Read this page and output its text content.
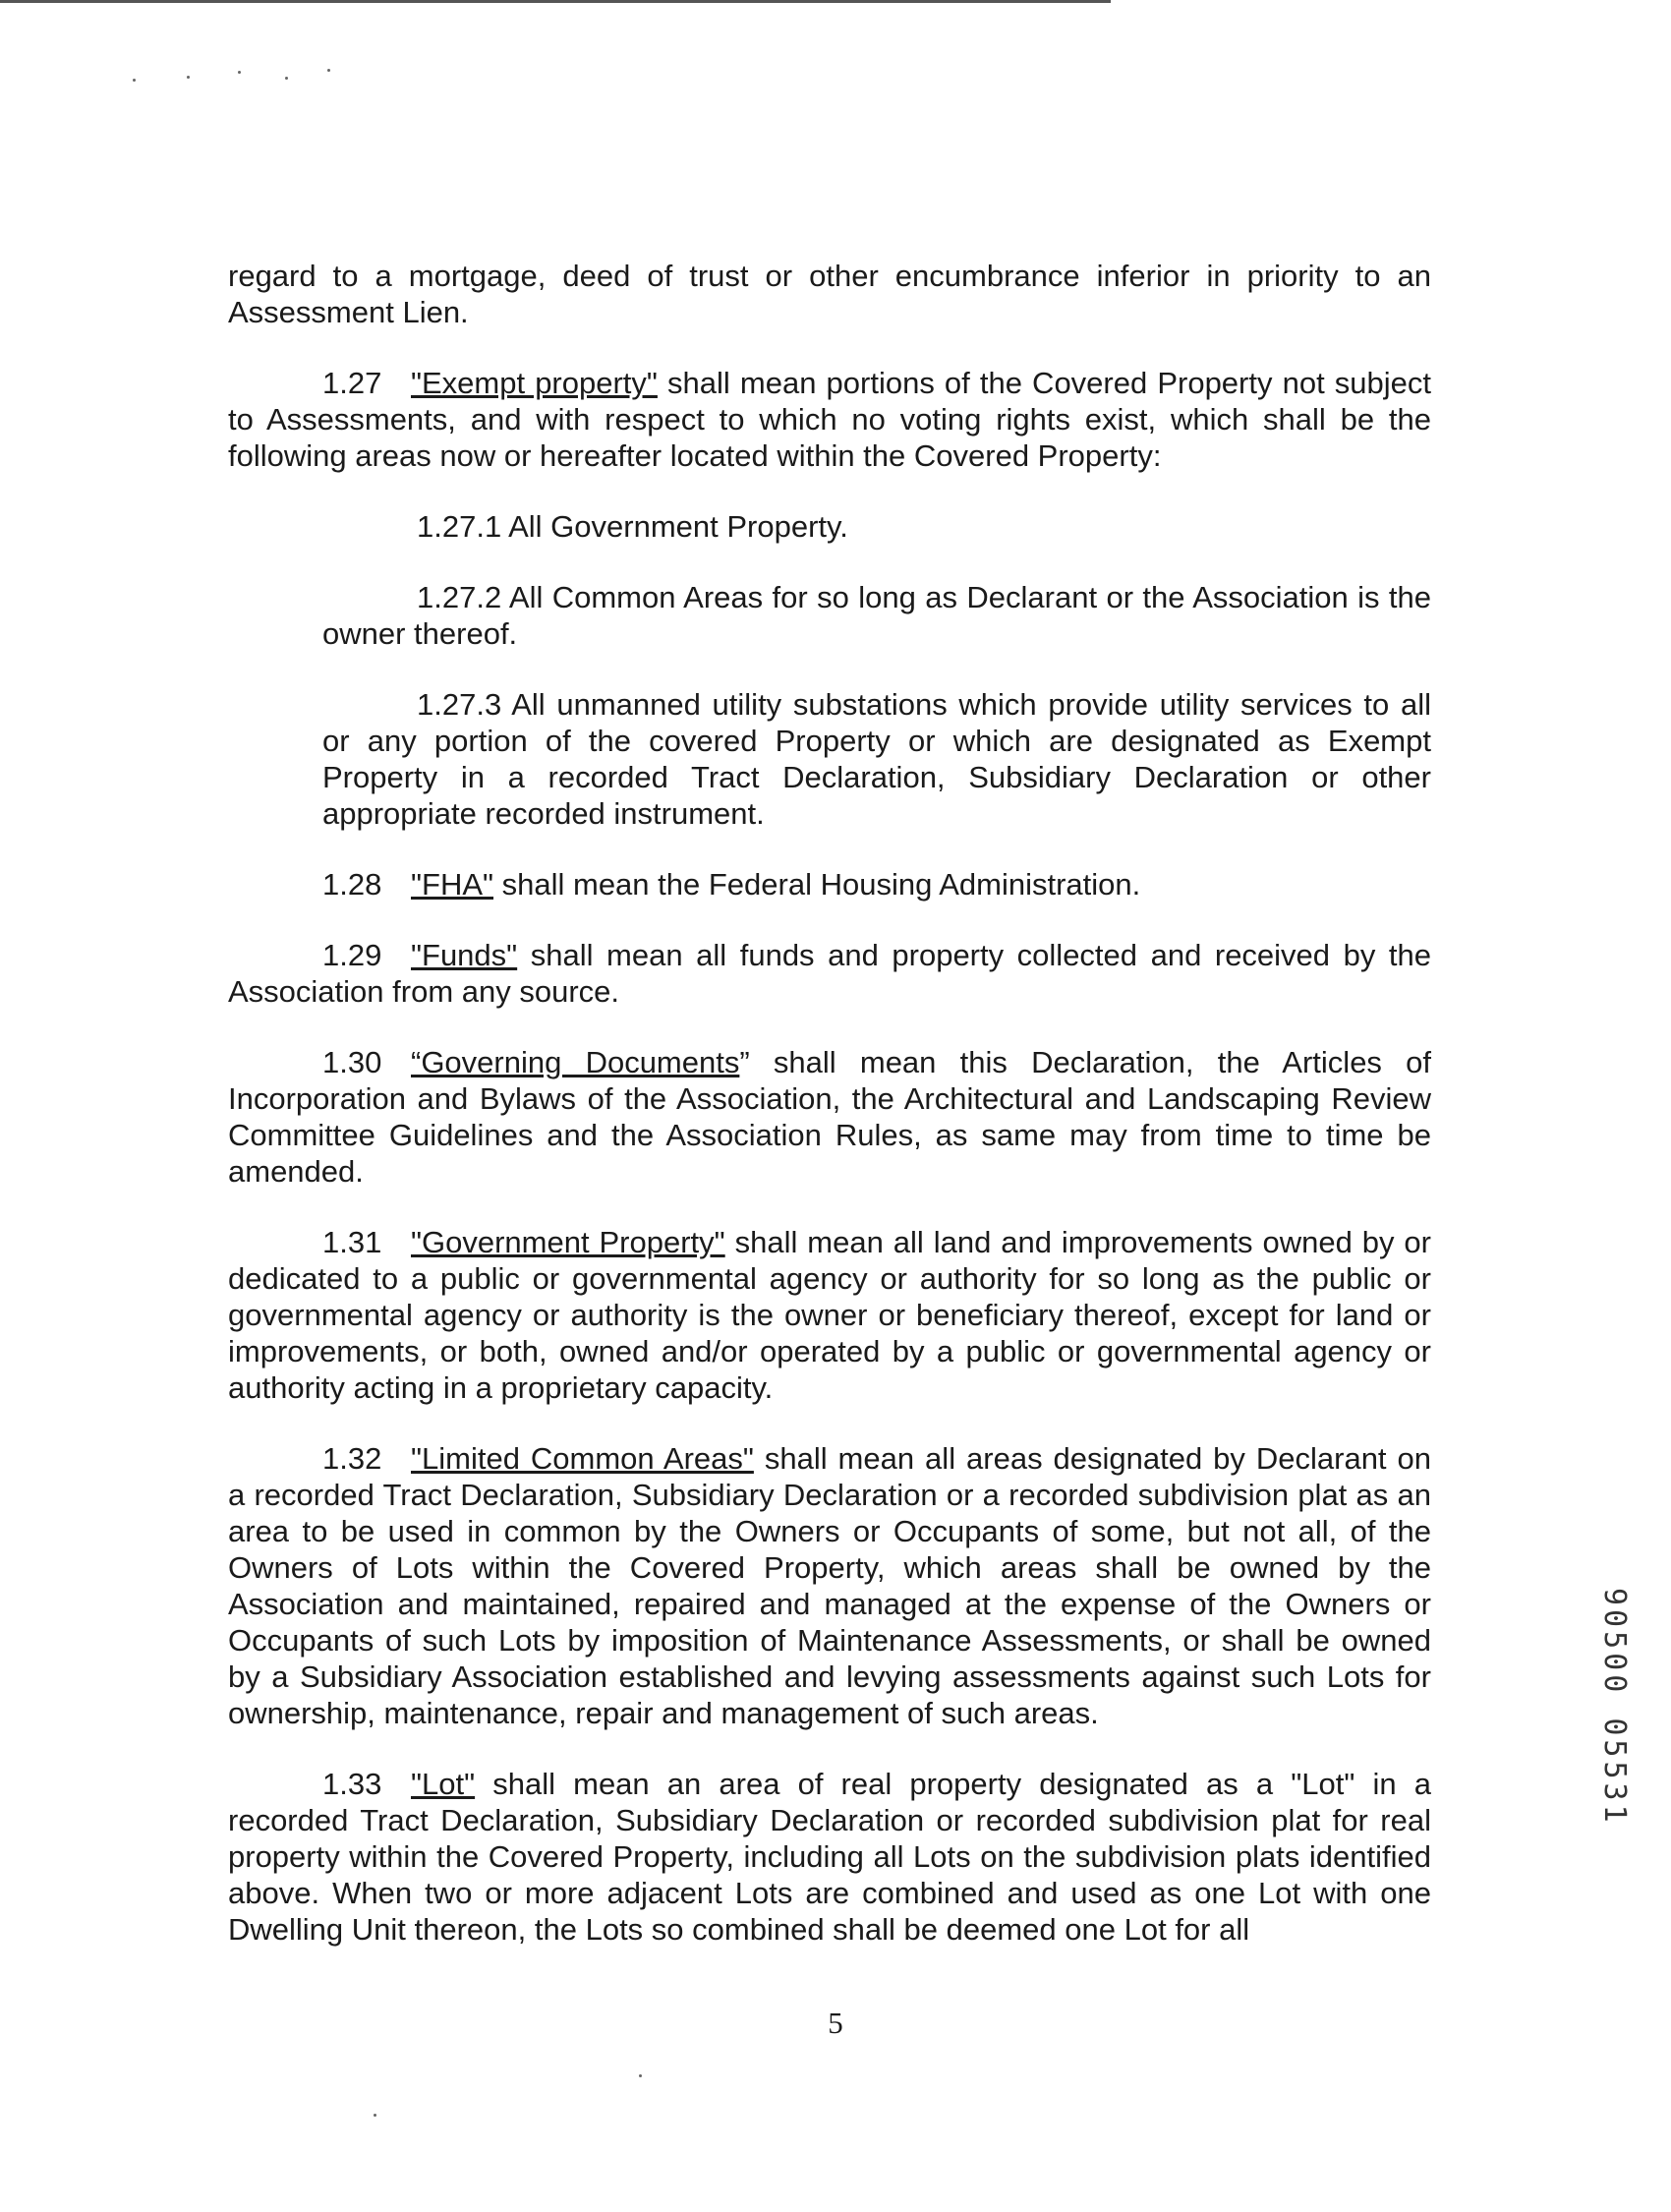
regard to a mortgage, deed of trust or other encumbrance inferior in priority to an Assessment Lien.

1.27 "Exempt property" shall mean portions of the Covered Property not subject to Assessments, and with respect to which no voting rights exist, which shall be the following areas now or hereafter located within the Covered Property:

1.27.1 All Government Property.

1.27.2 All Common Areas for so long as Declarant or the Association is the owner thereof.

1.27.3 All unmanned utility substations which provide utility services to all or any portion of the covered Property or which are designated as Exempt Property in a recorded Tract Declaration, Subsidiary Declaration or other appropriate recorded instrument.

1.28 "FHA" shall mean the Federal Housing Administration.

1.29 "Funds" shall mean all funds and property collected and received by the Association from any source.

1.30 “Governing Documents” shall mean this Declaration, the Articles of Incorporation and Bylaws of the Association, the Architectural and Landscaping Review Committee Guidelines and the Association Rules, as same may from time to time be amended.

1.31 "Government Property" shall mean all land and improvements owned by or dedicated to a public or governmental agency or authority for so long as the public or governmental agency or authority is the owner or beneficiary thereof, except for land or improvements, or both, owned and/or operated by a public or governmental agency or authority acting in a proprietary capacity.

1.32 "Limited Common Areas" shall mean all areas designated by Declarant on a recorded Tract Declaration, Subsidiary Declaration or a recorded subdivision plat as an area to be used in common by the Owners or Occupants of some, but not all, of the Owners of Lots within the Covered Property, which areas shall be owned by the Association and maintained, repaired and managed at the expense of the Owners or Occupants of such Lots by imposition of Maintenance Assessments, or shall be owned by a Subsidiary Association established and levying assessments against such Lots for ownership, maintenance, repair and management of such areas.

1.33 "Lot" shall mean an area of real property designated as a "Lot" in a recorded Tract Declaration, Subsidiary Declaration or recorded subdivision plat for real property within the Covered Property, including all Lots on the subdivision plats identified above. When two or more adjacent Lots are combined and used as one Lot with one Dwelling Unit thereon, the Lots so combined shall be deemed one Lot for all

5
90500 05531
